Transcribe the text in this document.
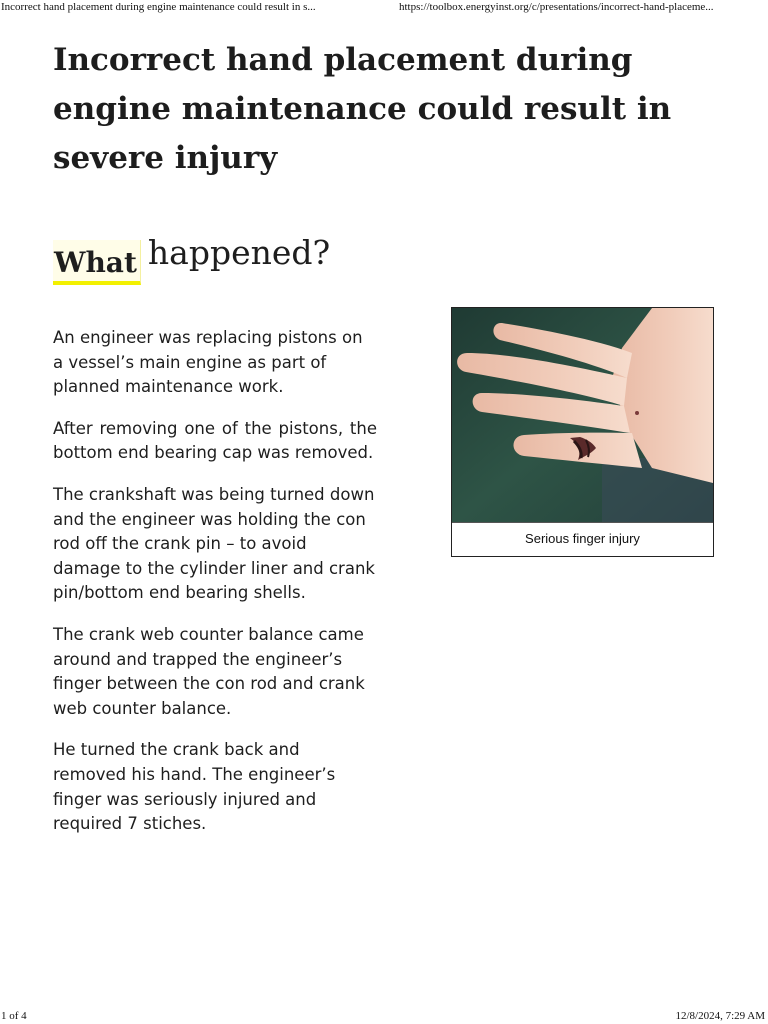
Incorrect hand placement during engine maintenance could result in s...	https://toolbox.energyinst.org/c/presentations/incorrect-hand-placeme...
Incorrect hand placement during engine maintenance could result in severe injury
What happened?

An engineer was replacing pistons on a vessel’s main engine as part of planned maintenance work.

After removing one of the pistons, the bottom end bearing cap was removed.

The crankshaft was being turned down and the engineer was holding the con rod off the crank pin – to avoid damage to the cylinder liner and crank pin/bottom end bearing shells.

The crank web counter balance came around and trapped the engineer’s finger between the con rod and crank web counter balance.

He turned the crank back and removed his hand. The engineer’s finger was seriously injured and required 7 stiches.

Serious finger injury
1 of 4	12/8/2024, 7:29 AM
